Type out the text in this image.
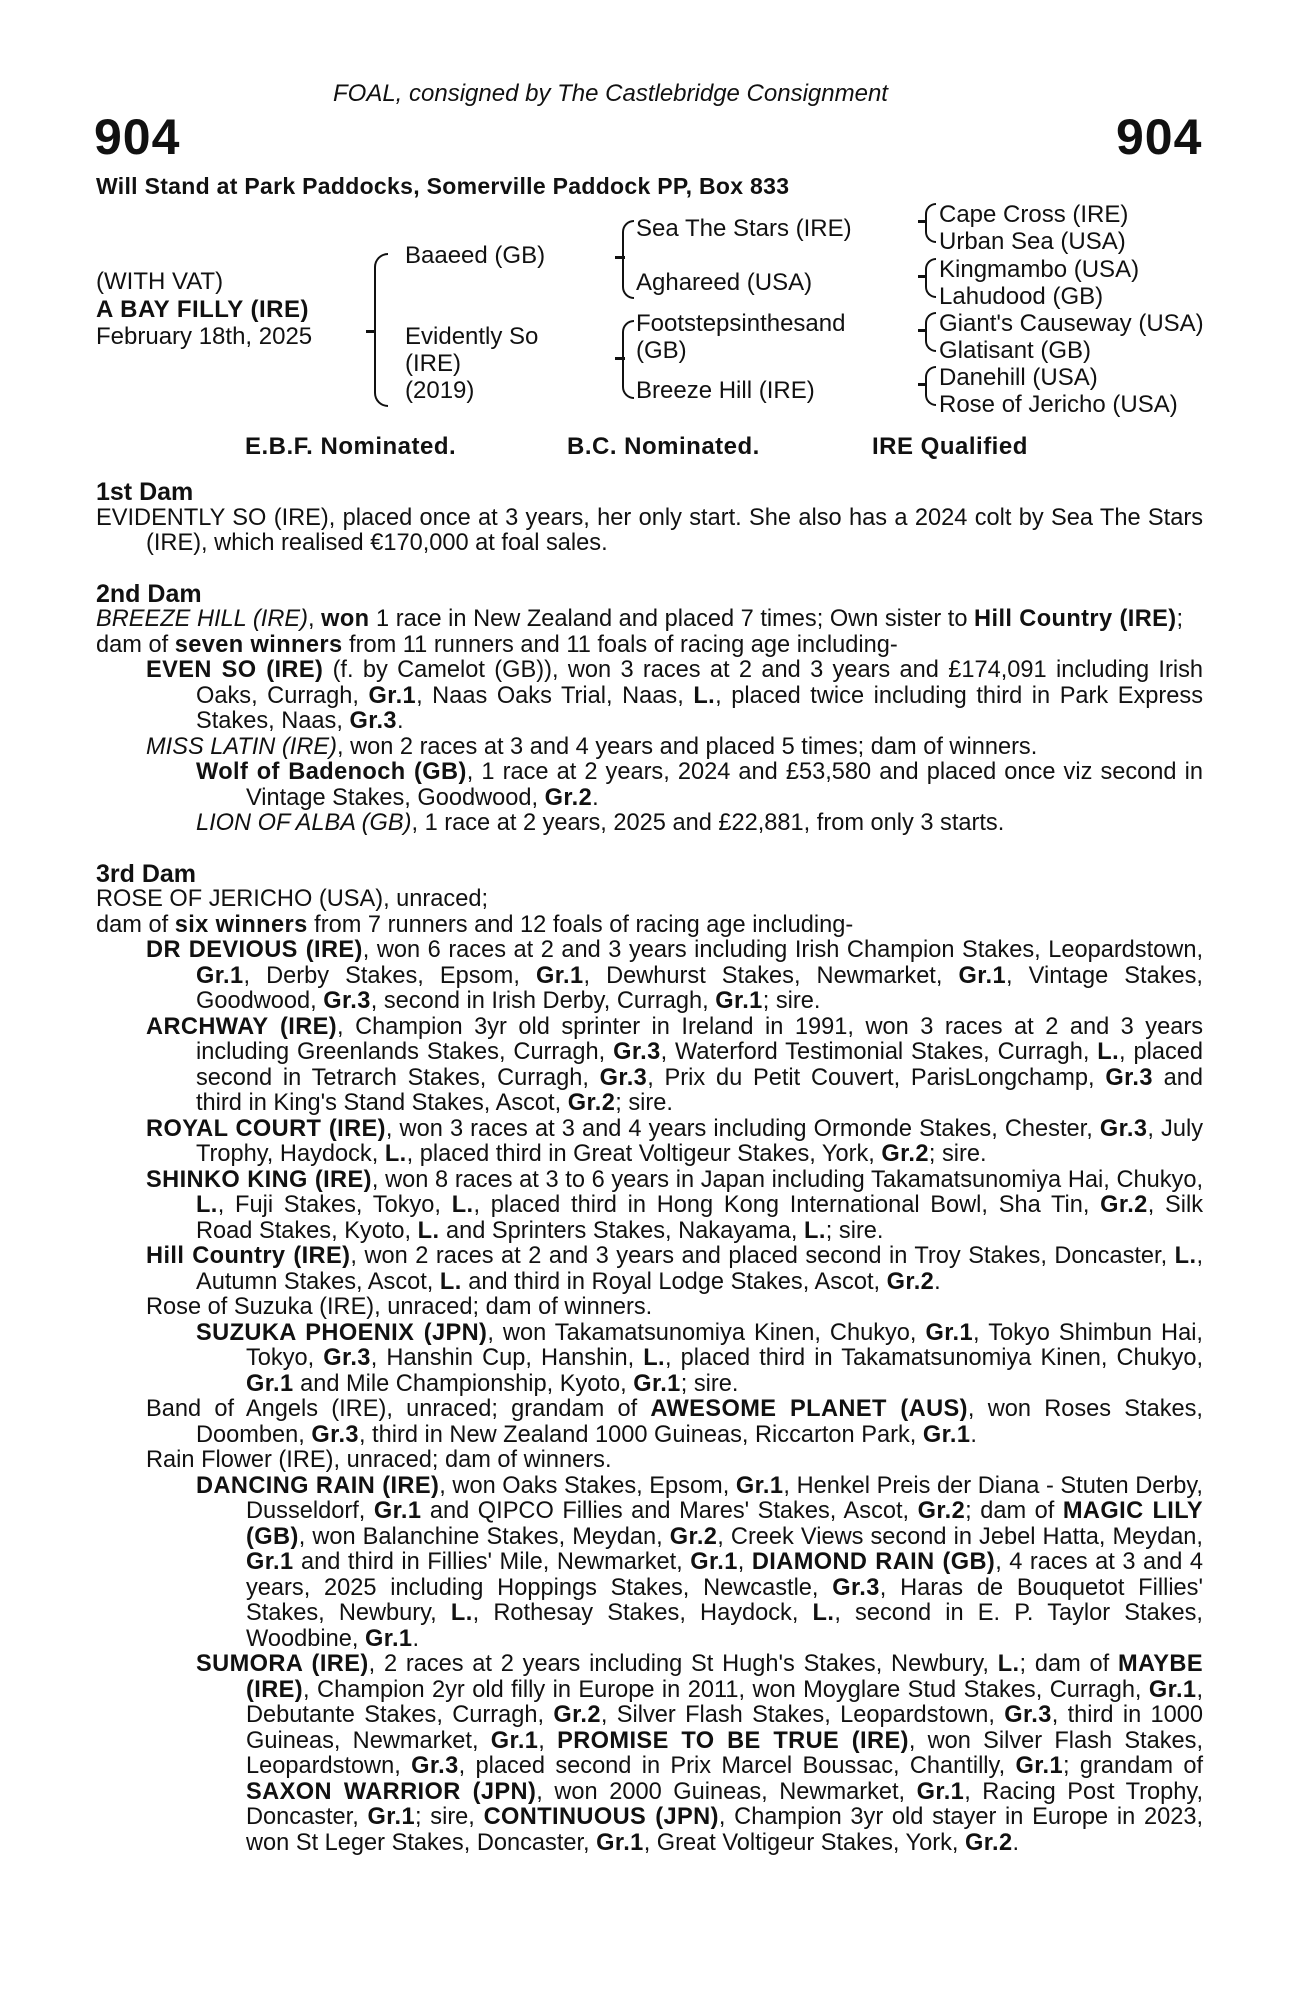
FOAL, consigned by The Castlebridge Consignment
904	904
Will Stand at Park Paddocks, Somerville Paddock PP, Box 833
(WITH VAT)
A BAY FILLY (IRE)
February 18th, 2025
Baaeed (GB)
Evidently So
(IRE)
(2019)
Sea The Stars (IRE)
Aghareed (USA)
Footstepsinthesand
(GB)
Breeze Hill (IRE)
Cape Cross (IRE)
Urban Sea (USA)
Kingmambo (USA)
Lahudood (GB)
Giant's Causeway (USA)
Glatisant (GB)
Danehill (USA)
Rose of Jericho (USA)
E.B.F. Nominated.	B.C. Nominated.	IRE Qualified
1st Dam

EVIDENTLY SO (IRE), placed once at 3 years, her only start. She also has a 2024 colt by Sea The Stars (IRE), which realised €170,000 at foal sales.

2nd Dam

BREEZE HILL (IRE), won 1 race in New Zealand and placed 7 times; Own sister to Hill Country (IRE);

dam of seven winners from 11 runners and 11 foals of racing age including-

EVEN SO (IRE) (f. by Camelot (GB)), won 3 races at 2 and 3 years and £174,091 including Irish Oaks, Curragh, Gr.1, Naas Oaks Trial, Naas, L., placed twice including third in Park Express Stakes, Naas, Gr.3.

MISS LATIN (IRE), won 2 races at 3 and 4 years and placed 5 times; dam of winners.

Wolf of Badenoch (GB), 1 race at 2 years, 2024 and £53,580 and placed once viz second in Vintage Stakes, Goodwood, Gr.2.

LION OF ALBA (GB), 1 race at 2 years, 2025 and £22,881, from only 3 starts.

3rd Dam

ROSE OF JERICHO (USA), unraced;

dam of six winners from 7 runners and 12 foals of racing age including-

DR DEVIOUS (IRE), won 6 races at 2 and 3 years including Irish Champion Stakes, Leopardstown, Gr.1, Derby Stakes, Epsom, Gr.1, Dewhurst Stakes, Newmarket, Gr.1, Vintage Stakes, Goodwood, Gr.3, second in Irish Derby, Curragh, Gr.1; sire.

ARCHWAY (IRE), Champion 3yr old sprinter in Ireland in 1991, won 3 races at 2 and 3 years including Greenlands Stakes, Curragh, Gr.3, Waterford Testimonial Stakes, Curragh, L., placed second in Tetrarch Stakes, Curragh, Gr.3, Prix du Petit Couvert, ParisLongchamp, Gr.3 and third in King's Stand Stakes, Ascot, Gr.2; sire.

ROYAL COURT (IRE), won 3 races at 3 and 4 years including Ormonde Stakes, Chester, Gr.3, July Trophy, Haydock, L., placed third in Great Voltigeur Stakes, York, Gr.2; sire.

SHINKO KING (IRE), won 8 races at 3 to 6 years in Japan including Takamatsunomiya Hai, Chukyo, L., Fuji Stakes, Tokyo, L., placed third in Hong Kong International Bowl, Sha Tin, Gr.2, Silk Road Stakes, Kyoto, L. and Sprinters Stakes, Nakayama, L.; sire.

Hill Country (IRE), won 2 races at 2 and 3 years and placed second in Troy Stakes, Doncaster, L., Autumn Stakes, Ascot, L. and third in Royal Lodge Stakes, Ascot, Gr.2.

Rose of Suzuka (IRE), unraced; dam of winners.

SUZUKA PHOENIX (JPN), won Takamatsunomiya Kinen, Chukyo, Gr.1, Tokyo Shimbun Hai, Tokyo, Gr.3, Hanshin Cup, Hanshin, L., placed third in Takamatsunomiya Kinen, Chukyo, Gr.1 and Mile Championship, Kyoto, Gr.1; sire.

Band of Angels (IRE), unraced; grandam of AWESOME PLANET (AUS), won Roses Stakes, Doomben, Gr.3, third in New Zealand 1000 Guineas, Riccarton Park, Gr.1.

Rain Flower (IRE), unraced; dam of winners.

DANCING RAIN (IRE), won Oaks Stakes, Epsom, Gr.1, Henkel Preis der Diana - Stuten Derby, Dusseldorf, Gr.1 and QIPCO Fillies and Mares' Stakes, Ascot, Gr.2; dam of MAGIC LILY (GB), won Balanchine Stakes, Meydan, Gr.2, Creek Views second in Jebel Hatta, Meydan, Gr.1 and third in Fillies' Mile, Newmarket, Gr.1, DIAMOND RAIN (GB), 4 races at 3 and 4 years, 2025 including Hoppings Stakes, Newcastle, Gr.3, Haras de Bouquetot Fillies' Stakes, Newbury, L., Rothesay Stakes, Haydock, L., second in E. P. Taylor Stakes, Woodbine, Gr.1.

SUMORA (IRE), 2 races at 2 years including St Hugh's Stakes, Newbury, L.; dam of MAYBE (IRE), Champion 2yr old filly in Europe in 2011, won Moyglare Stud Stakes, Curragh, Gr.1, Debutante Stakes, Curragh, Gr.2, Silver Flash Stakes, Leopardstown, Gr.3, third in 1000 Guineas, Newmarket, Gr.1, PROMISE TO BE TRUE (IRE), won Silver Flash Stakes, Leopardstown, Gr.3, placed second in Prix Marcel Boussac, Chantilly, Gr.1; grandam of SAXON WARRIOR (JPN), won 2000 Guineas, Newmarket, Gr.1, Racing Post Trophy, Doncaster, Gr.1; sire, CONTINUOUS (JPN), Champion 3yr old stayer in Europe in 2023, won St Leger Stakes, Doncaster, Gr.1, Great Voltigeur Stakes, York, Gr.2.
